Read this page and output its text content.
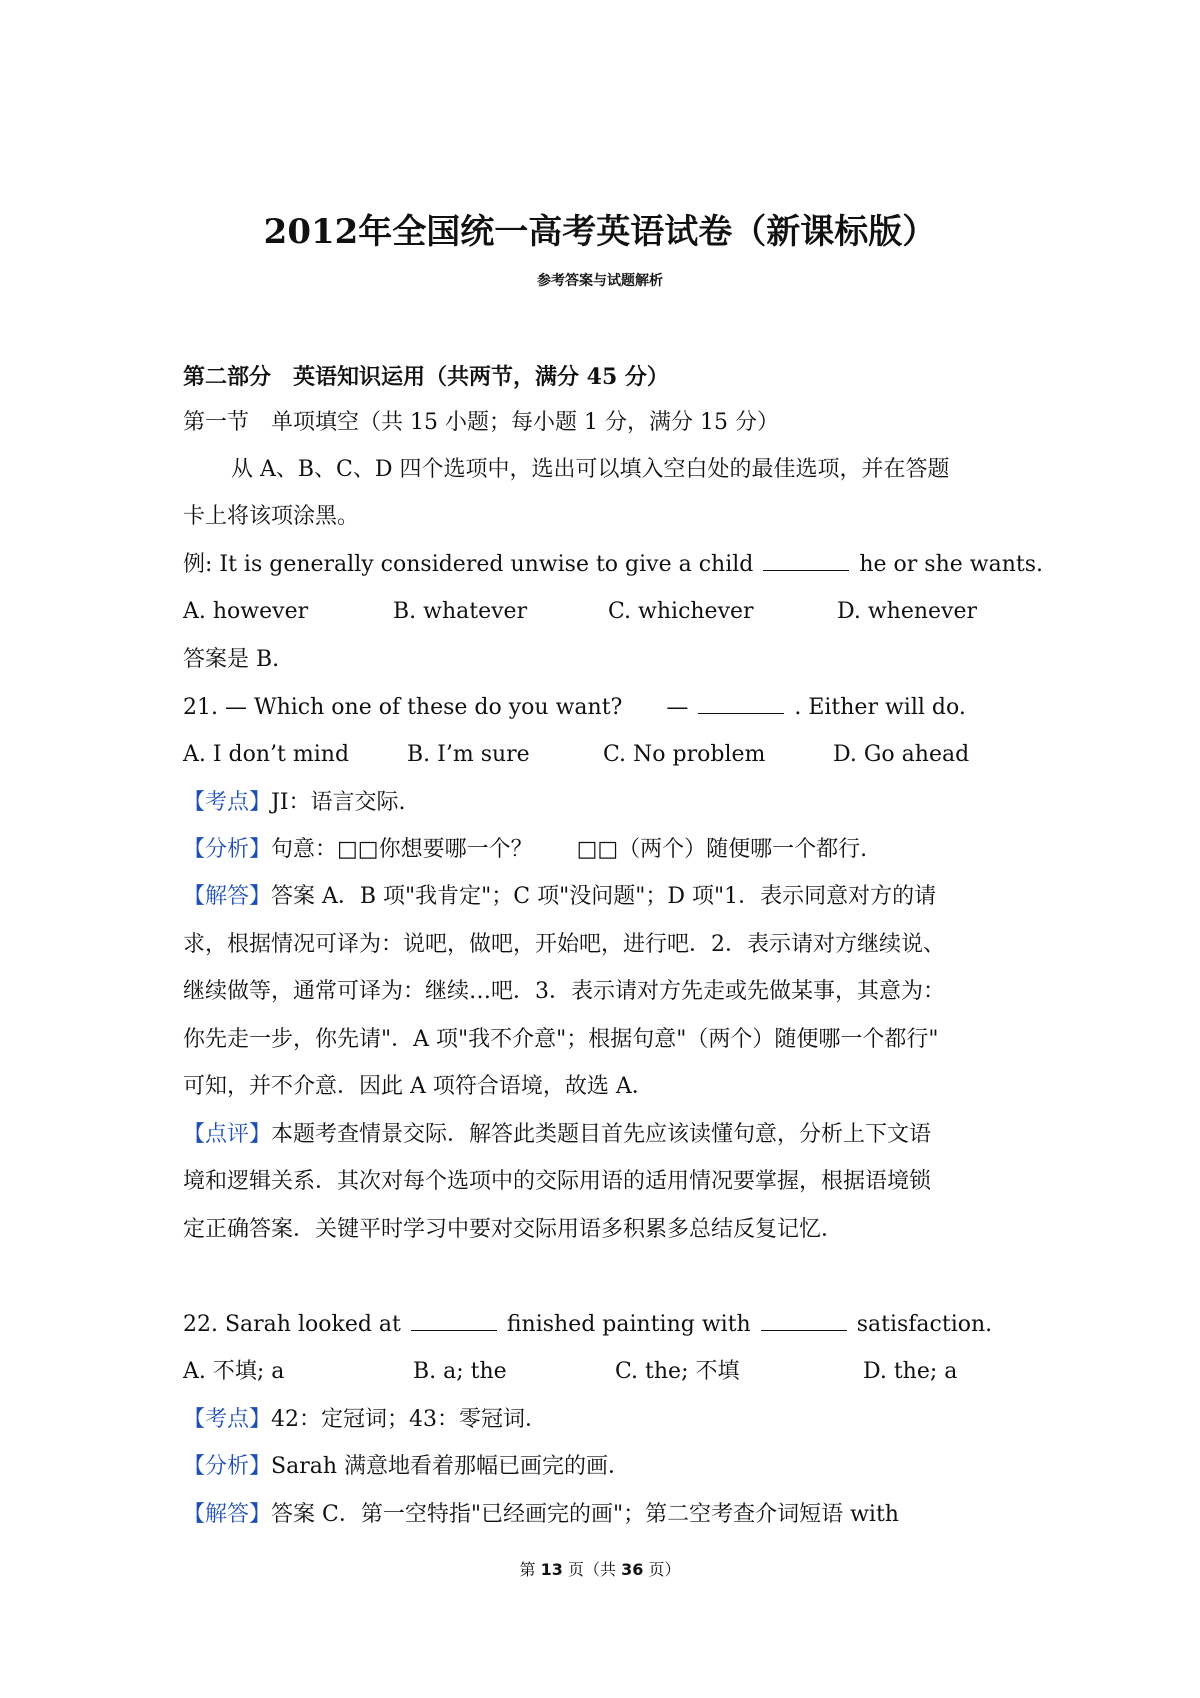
2012年全国统一高考英语试卷（新课标版）
参考答案与试题解析
第二部分　英语知识运用（共两节，满分 45 分）
第一节　单项填空（共 15 小题；每小题 1 分，满分 15 分）
从 A、B、C、D 四个选项中，选出可以填入空白处的最佳选项，并在答题
卡上将该项涂黑。
例: It is generally considered unwise to give a child	he or she wants.
A. however	B. whatever	C. whichever	D. whenever
答案是 B.
21. — Which one of these do you want?　　—	. Either will do.
A. I don’t mind	B. I’m sure	C. No problem	D. Go ahead
【考点】JI：语言交际.
【分析】句意：□□你想要哪一个？　　□□（两个）随便哪一个都行.
【解答】答案 A．B 项"我肯定"；C 项"没问题"；D 项"1．表示同意对方的请
求，根据情况可译为：说吧，做吧，开始吧，进行吧．2．表示请对方继续说、
继续做等，通常可译为：继续…吧．3．表示请对方先走或先做某事，其意为：
你先走一步，你先请"．A 项"我不介意"；根据句意"（两个）随便哪一个都行"
可知，并不介意．因此 A 项符合语境，故选 A．
【点评】本题考查情景交际．解答此类题目首先应该读懂句意，分析上下文语
境和逻辑关系．其次对每个选项中的交际用语的适用情况要掌握，根据语境锁
定正确答案．关键平时学习中要对交际用语多积累多总结反复记忆．
22. Sarah looked at	finished painting with	satisfaction.
A. 不填; a	B. a; the	C. the; 不填	D. the; a
【考点】42：定冠词；43：零冠词．
【分析】Sarah 满意地看着那幅已画完的画．
【解答】答案 C．第一空特指"已经画完的画"；第二空考查介词短语 with
第 13 页（共 36 页）
